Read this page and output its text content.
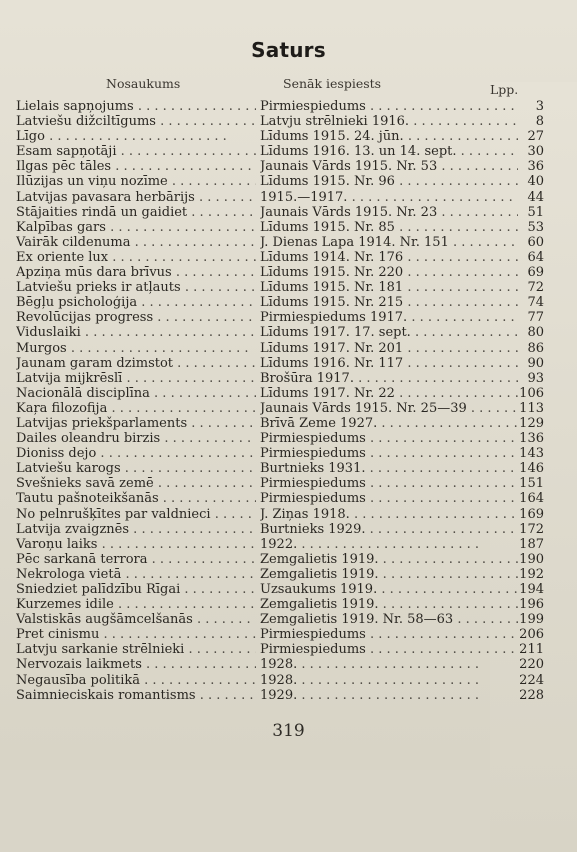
Saturs
Nosaukums	Senāk iespiests	Lpp.
Lielais sapņojums . .	Pirmiespiedums . .	3
Latviešu dižciltīgums . .	Latvju strēlnieki 1916. . .	8
Līgo . .	Līdums 1915. 24. jūn. . .	27
Esam sapņotāji . .	Līdums 1916. 13. un 14. sept. . .	30
Ilgas pēc tāles . .	Jaunais Vārds 1915. Nr. 53 . .	36
Ilūzijas un viņu nozīme . .	Līdums 1915. Nr. 96 . .	40
Latvijas pavasara herbārijs . .	1915.—1917. . .	44
Stājaities rindā un gaidiet . .	Jaunais Vārds 1915. Nr. 23 . .	51
Kalpības gars . .	Līdums 1915. Nr. 85 . .	53
Vairāk cildenuma . .	J. Dienas Lapa 1914. Nr. 151 . .	60
Ex oriente lux . .	Līdums 1914. Nr. 176 . .	64
Apziņa mūs dara brīvus . .	Līdums 1915. Nr. 220 . .	69
Latviešu prieks ir atļauts . .	Līdums 1915. Nr. 181 . .	72
Bēgļu psicholoģija . .	Līdums 1915. Nr. 215 . .	74
Revolūcijas progress . .	Pirmiespiedums 1917. . .	77
Viduslaiki . .	Līdums 1917. 17. sept. . .	80
Murgos . .	Līdums 1917. Nr. 201 . .	86
Jaunam garam dzimstot . .	Līdums 1916. Nr. 117 . .	90
Latvija mijkrēslī . .	Brošūra 1917. . .	93
Nacionālā disciplīna . .	Līdums 1917. Nr. 22 . .	106
Kaŗa filozofija . .	Jaunais Vārds 1915. Nr. 25—39 . .	113
Latvijas priekšparlaments . .	Brīvā Zeme 1927. . .	129
Dailes oleandru birzis . .	Pirmiespiedums . .	136
Dioniss dejo . .	Pirmiespiedums . .	143
Latviešu karogs . .	Burtnieks 1931. . .	146
Svešnieks savā zemē . .	Pirmiespiedums . .	151
Tautu pašnoteikšanās . .	Pirmiespiedums . .	164
No pelnrušķītes par valdnieci . .	J. Ziņas 1918. . .	169
Latvija zvaigznēs . .	Burtnieks 1929. . .	172
Varoņu laiks . .	1922. . .	187
Pēc sarkanā terrora . .	Zemgalietis 1919. . .	190
Nekrologa vietā . .	Zemgalietis 1919. . .	192
Sniedziet palīdzību Rīgai . .	Uzsaukums 1919. . .	194
Kurzemes idile . .	Zemgalietis 1919. . .	196
Valstiskās augšāmcelšanās . .	Zemgalietis 1919. Nr. 58—63 . .	199
Pret cinismu . .	Pirmiespiedums . .	206
Latvju sarkanie strēlnieki . .	Pirmiespiedums . .	211
Nervozais laikmets . .	1928. . .	220
Negausība politikā . .	1928. . .	224
Saimnieciskais romantisms . .	1929. . .	228
319
